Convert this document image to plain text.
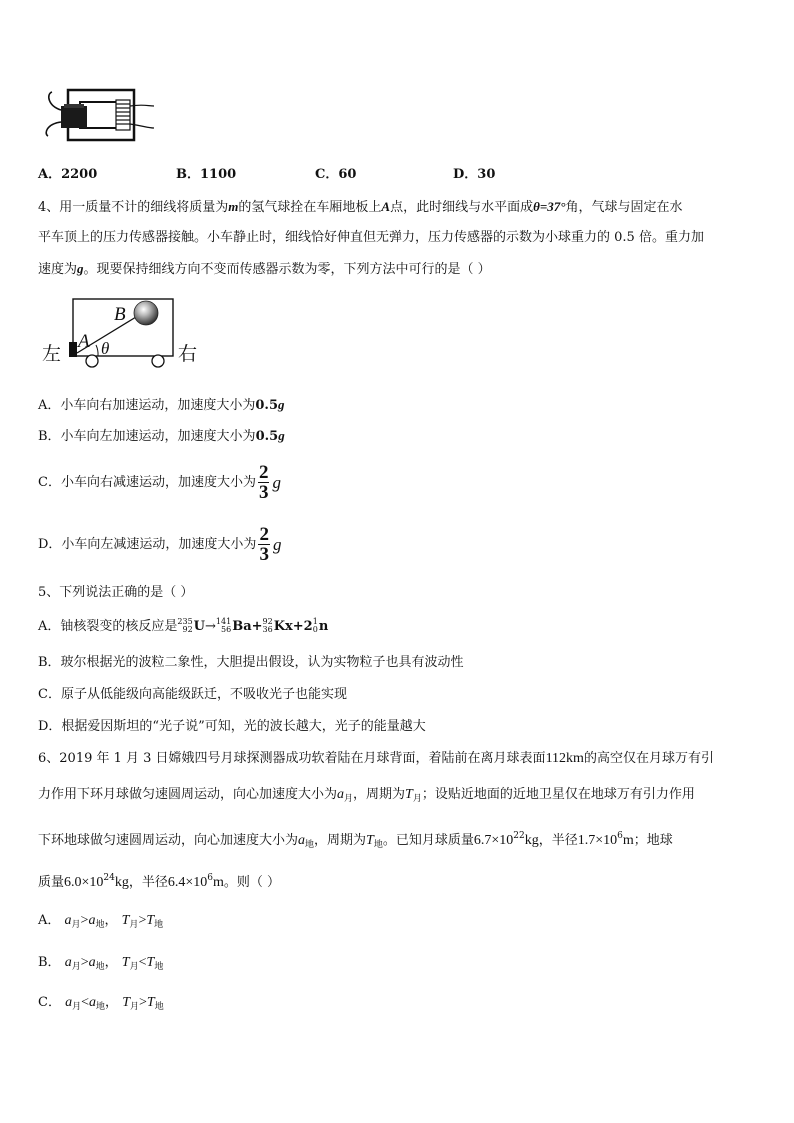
A．2200	B．1100	C．60	D．30
4、用一质量不计的细线将质量为m的氢气球拴在车厢地板上A点，此时细线与水平面成θ=37°角，气球与固定在水
平车顶上的压力传感器接触。小车静止时，细线恰好伸直但无弹力，压力传感器的示数为小球重力的 0.5 倍。重力加
速度为g。现要保持细线方向不变而传感器示数为零，下列方法中可行的是（ ）
左	右
B
A θ
A．小车向右加速运动，加速度大小为0.5g
B．小车向左加速运动，加速度大小为0.5g
C．小车向右减速运动，加速度大小为 $\frac{2}{3}$ g
D．小车向左减速运动，加速度大小为 $\frac{2}{3}$ g
5、下列说法正确的是（ ）
A．铀核裂变的核反应是 235
92 U → 141
56 Ba + 92
36 Kx +2 1
0 n
B．玻尔根据光的波粒二象性，大胆提出假设，认为实物粒子也具有波动性
C．原子从低能级向高能级跃迁，不吸收光子也能实现
D．根据爱因斯坦的“光子说”可知，光的波长越大，光子的能量越大
6、2019 年 1 月 3 日嫦娥四号月球探测器成功软着陆在月球背面，着陆前在离月球表面112km的高空仅在月球万有引
力作用下环月球做匀速圆周运动，向心加速度大小为$a_月$，周期为$T_月$；设贴近地面的近地卫星仅在地球万有引力作用
下环地球做匀速圆周运动，向心加速度大小为$a_地$，周期为$T_地$。已知月球质量$6.7\times 10^{22}kg$，半径$1.7\times 10^6m$；地球
质量$6.0\times 10^{24}kg$，半径$6.4\times 10^6m$。则（ ）
A． $a_月>a_地$， $T_月>T_地$
B． $a_月>a_地$， $T_月<T_地$
C． $a_月<a_地$， $T_月>T_地$
